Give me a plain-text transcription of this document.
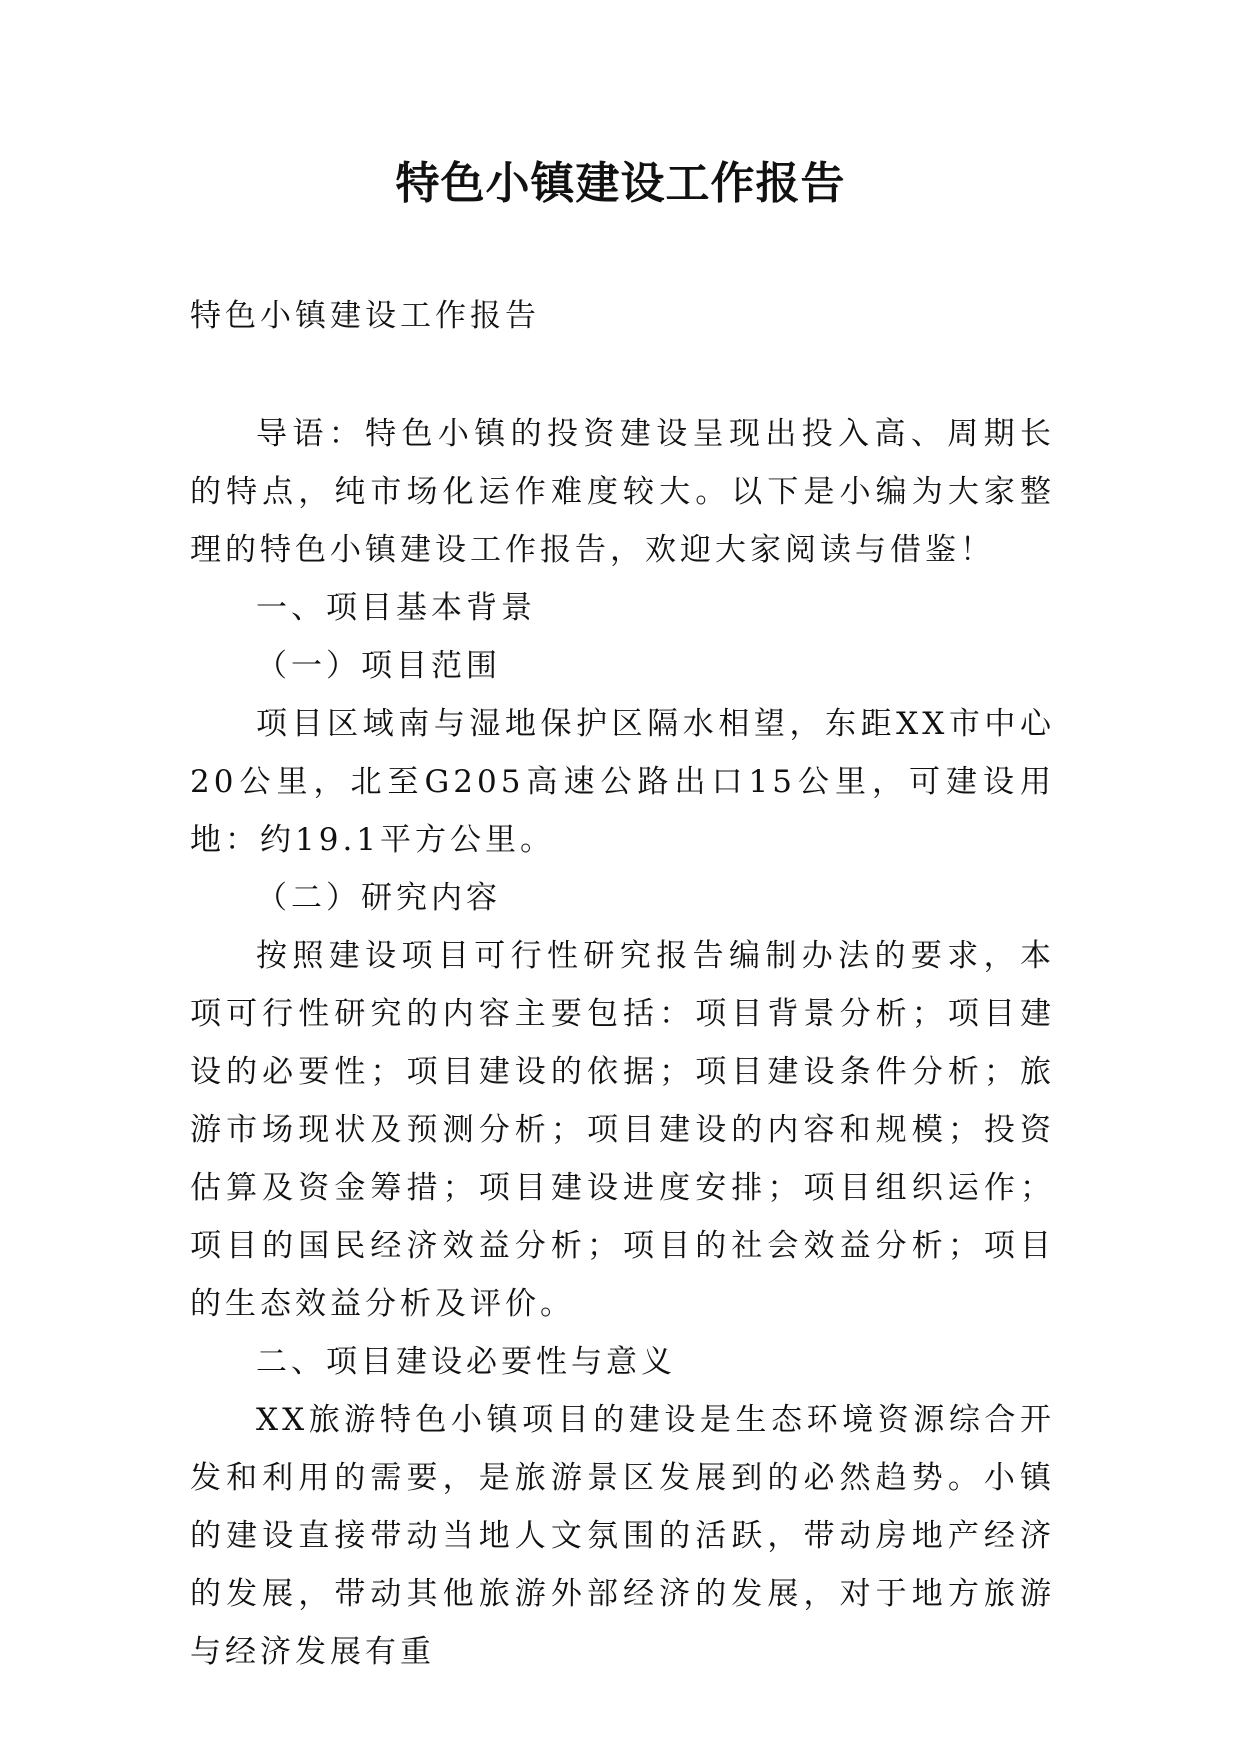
特色小镇建设工作报告
特色小镇建设工作报告

导语：特色小镇的投资建设呈现出投入高、周期长的特点，纯市场化运作难度较大。以下是小编为大家整理的特色小镇建设工作报告，欢迎大家阅读与借鉴！

一、项目基本背景

（一）项目范围

项目区域南与湿地保护区隔水相望，东距XX市中心20公里，北至G205高速公路出口15公里，可建设用地：约19.1平方公里。

（二）研究内容

按照建设项目可行性研究报告编制办法的要求，本项可行性研究的内容主要包括：项目背景分析；项目建设的必要性；项目建设的依据；项目建设条件分析；旅游市场现状及预测分析；项目建设的内容和规模；投资估算及资金筹措；项目建设进度安排；项目组织运作；项目的国民经济效益分析；项目的社会效益分析；项目的生态效益分析及评价。

二、项目建设必要性与意义

XX旅游特色小镇项目的建设是生态环境资源综合开发和利用的需要，是旅游景区发展到的必然趋势。小镇的建设直接带动当地人文氛围的活跃，带动房地产经济的发展，带动其他旅游外部经济的发展，对于地方旅游与经济发展有重
